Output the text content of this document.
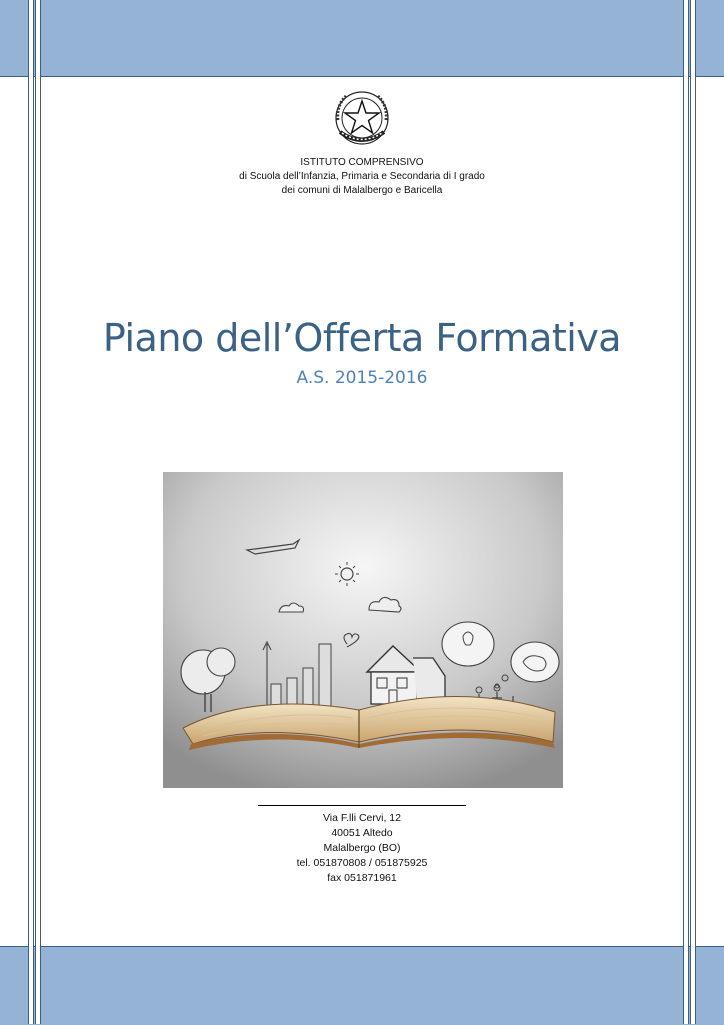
ISTITUTO COMPRENSIVO
di Scuola dell’Infanzia, Primaria e Secondaria di I grado
dei comuni di Malalbergo e Baricella
Piano dell’Offerta Formativa
A.S. 2015-2016
Via F.lli Cervi, 12
40051 Altedo
Malalbergo (BO)
tel. 051870808 / 051875925
fax 051871961
